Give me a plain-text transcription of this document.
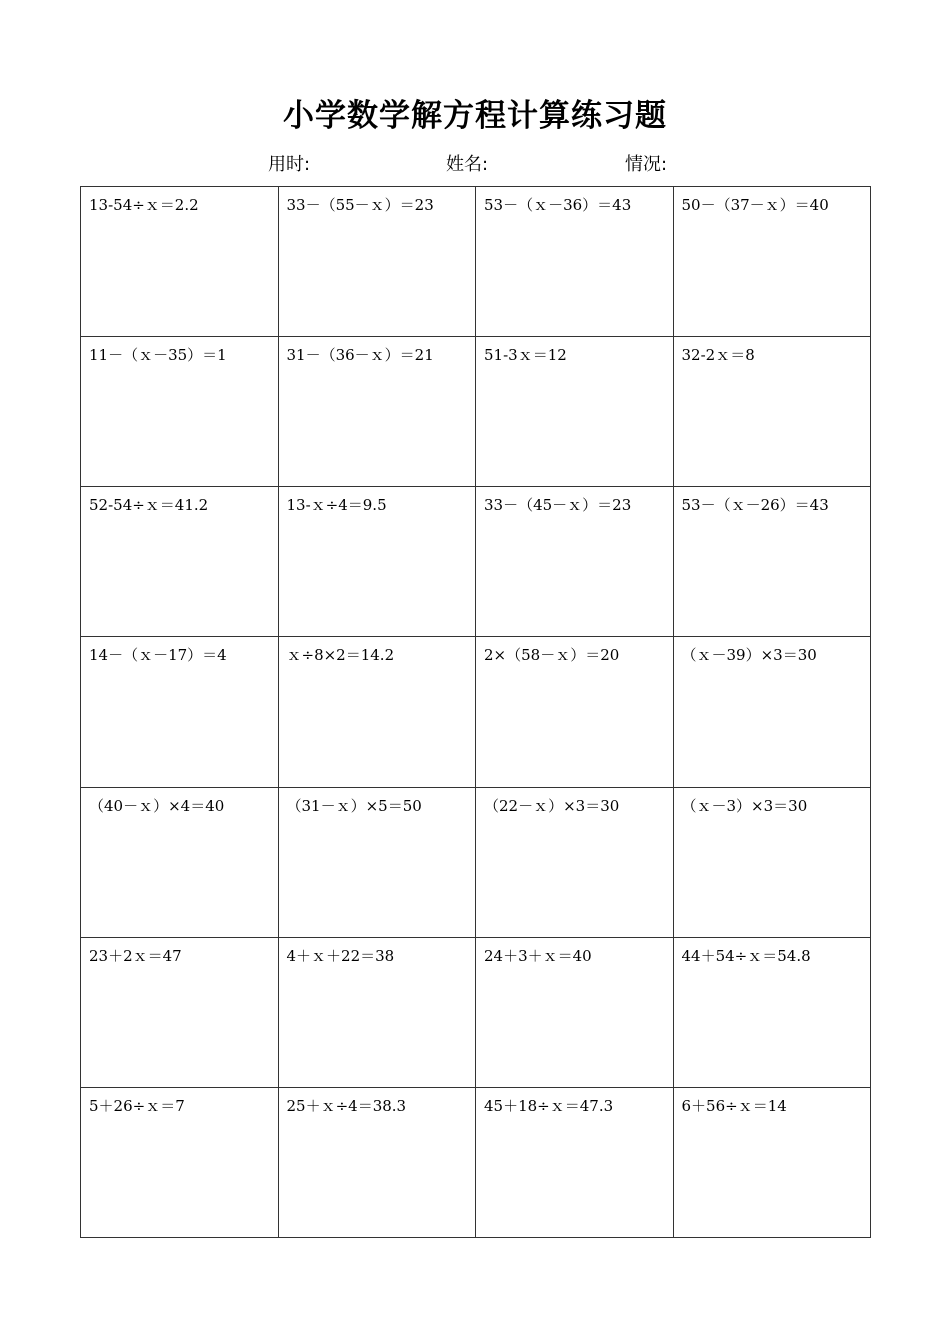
小学数学解方程计算练习题
用时:	姓名:	情况:
13-54÷ｘ＝2.2	33－（55－ｘ）＝23	53－（ｘ－36）＝43	50－（37－ｘ）＝40
11－（ｘ－35）＝1	31－（36－ｘ）＝21	51-3ｘ＝12	32-2ｘ＝8
52-54÷ｘ＝41.2	13-ｘ÷4＝9.5	33－（45－ｘ）＝23	53－（ｘ－26）＝43
14－（ｘ－17）＝4	ｘ÷8×2＝14.2	2×（58－ｘ）＝20	（ｘ－39）×3＝30
（40－ｘ）×4＝40	（31－ｘ）×5＝50	（22－ｘ）×3＝30	（ｘ－3）×3＝30
23＋2ｘ＝47	4＋ｘ＋22＝38	24＋3＋ｘ＝40	44＋54÷ｘ＝54.8
5＋26÷ｘ＝7	25＋ｘ÷4＝38.3	45＋18÷ｘ＝47.3	6＋56÷ｘ＝14
